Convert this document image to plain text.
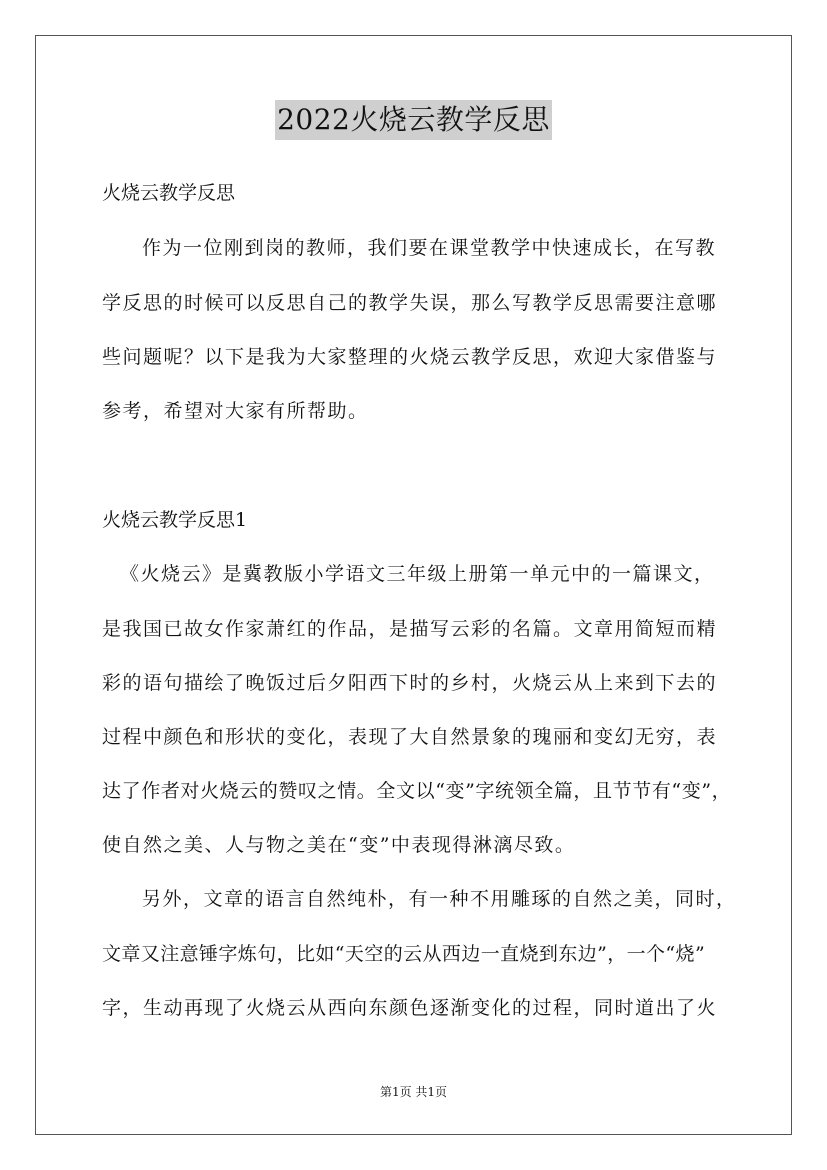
2022火烧云教学反思
火烧云教学反思
作为一位刚到岗的教师，我们要在课堂教学中快速成长，在写教
学反思的时候可以反思自己的教学失误，那么写教学反思需要注意哪
些问题呢？以下是我为大家整理的火烧云教学反思，欢迎大家借鉴与
参考，希望对大家有所帮助。
火烧云教学反思1
《火烧云》是冀教版小学语文三年级上册第一单元中的一篇课文，
是我国已故女作家萧红的作品，是描写云彩的名篇。文章用简短而精
彩的语句描绘了晚饭过后夕阳西下时的乡村，火烧云从上来到下去的
过程中颜色和形状的变化，表现了大自然景象的瑰丽和变幻无穷，表
达了作者对火烧云的赞叹之情。全文以“变”字统领全篇，且节节有“变”，
使自然之美、人与物之美在“变”中表现得淋漓尽致。
另外，文章的语言自然纯朴，有一种不用雕琢的自然之美，同时，
文章又注意锤字炼句，比如“天空的云从西边一直烧到东边”，一个“烧”
字，生动再现了火烧云从西向东颜色逐渐变化的过程，同时道出了火
第1页 共1页
